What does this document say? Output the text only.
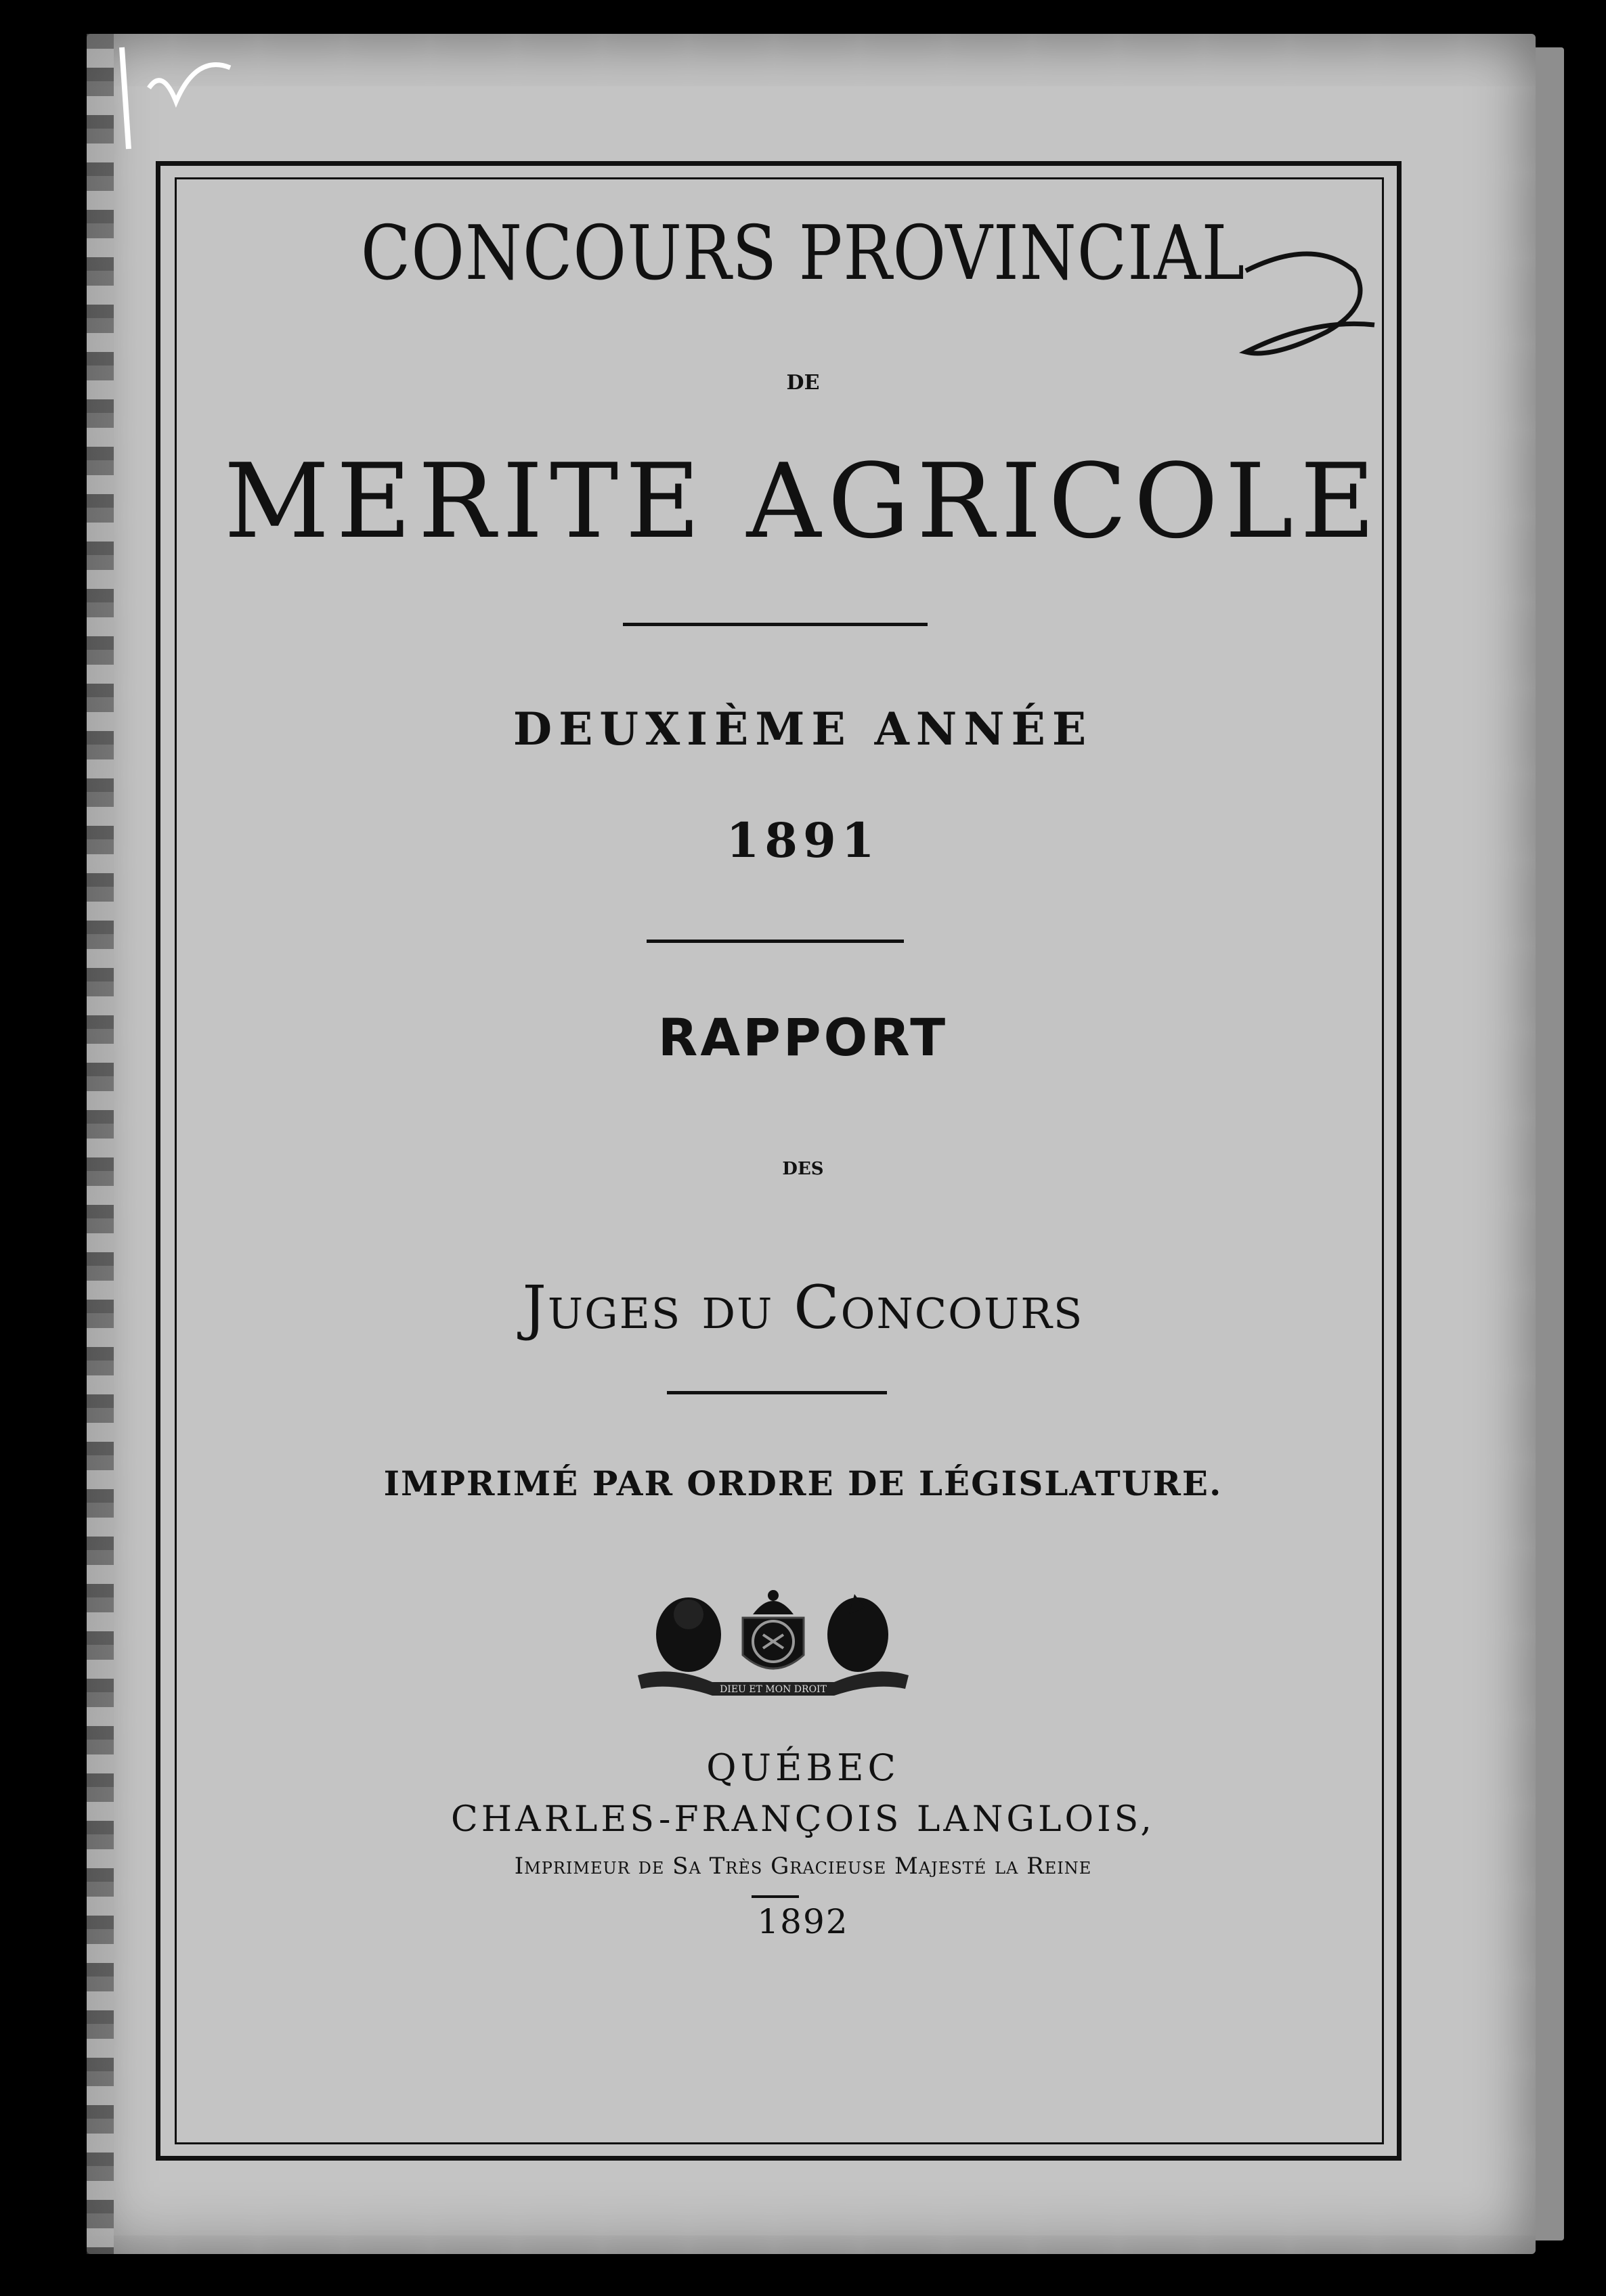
CONCOURS PROVINCIAL
DE
MERITE AGRICOLE
DEUXIÈME ANNÉE
1891
RAPPORT
DES
Juges du Concours
IMPRIMÉ PAR ORDRE DE LÉGISLATURE.
DIEU ET MON DROIT
QUÉBEC
CHARLES-FRANÇOIS LANGLOIS,
Imprimeur de Sa Très Gracieuse Majesté la Reine
1892
